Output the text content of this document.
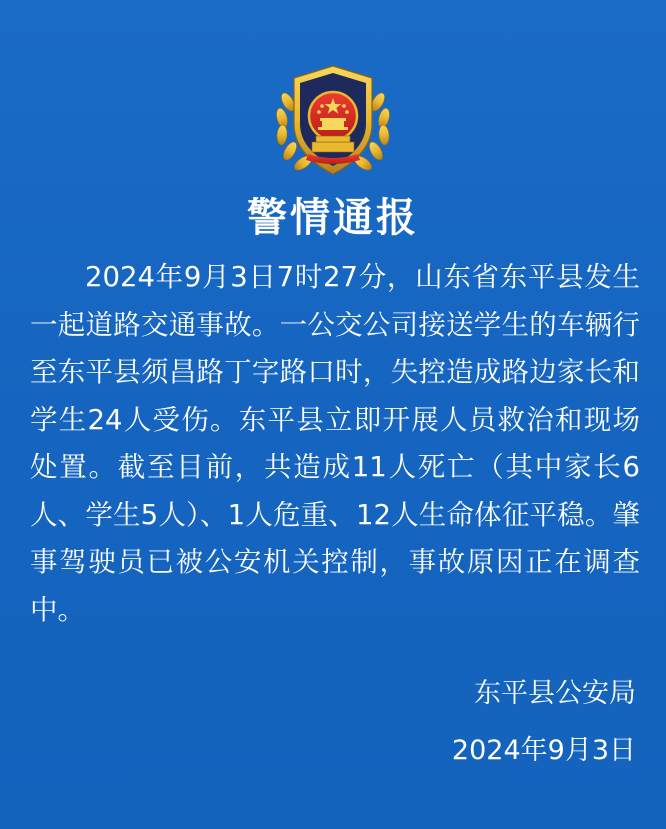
警情通报

2024年9月3日7时27分，山东省东平县发生一起道路交通事故。一公交公司接送学生的车辆行至东平县须昌路丁字路口时，失控造成路边家长和学生24人受伤。东平县立即开展人员救治和现场处置。截至目前，共造成11人死亡（其中家长6人、学生5人）、1人危重、12人生命体征平稳。肇事驾驶员已被公安机关控制，事故原因正在调查中。

东平县公安局
2024年9月3日
